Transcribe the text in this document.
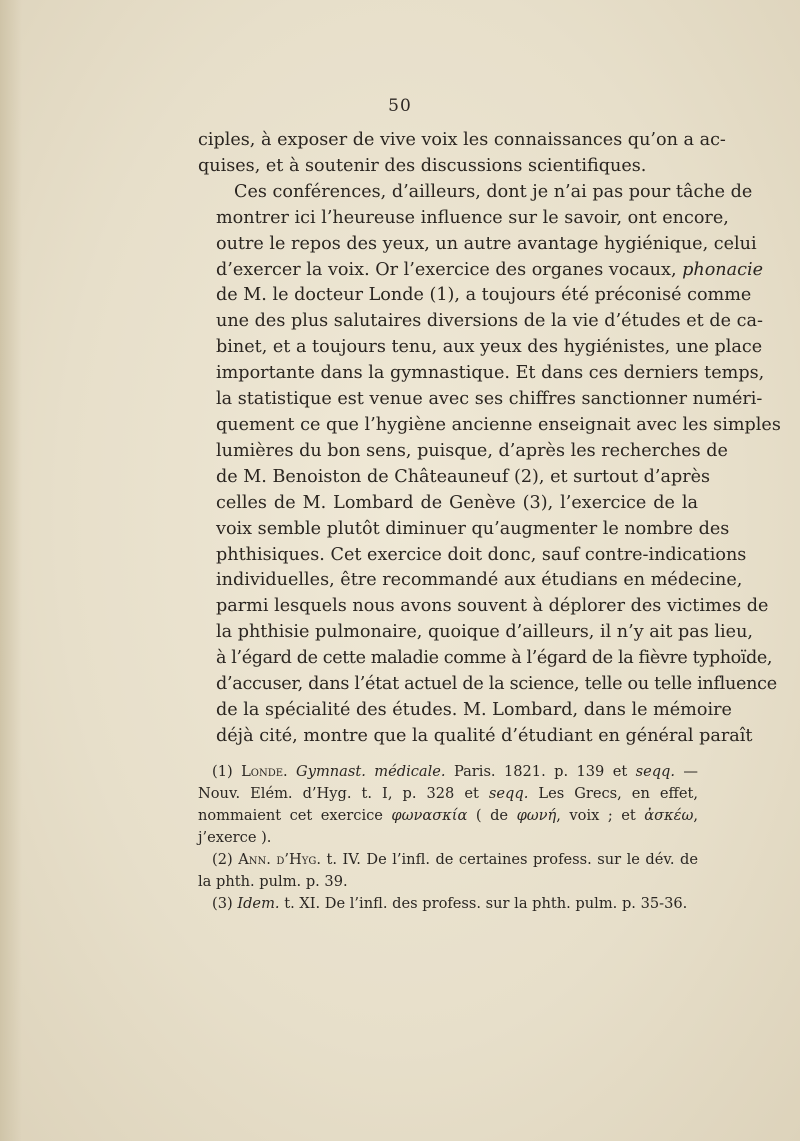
50

ciples, à exposer de vive voix les connaissances qu’on a ac-
quises, et à soutenir des discussions scientifiques.

Ces conférences, d’ailleurs, dont je n’ai pas pour tâche de
montrer ici l’heureuse influence sur le savoir, ont encore,
outre le repos des yeux, un autre avantage hygiénique, celui
d’exercer la voix. Or l’exercice des organes vocaux, phonacie
de M. le docteur Londe (1), a toujours été préconisé comme
une des plus salutaires diversions de la vie d’études et de ca-
binet, et a toujours tenu, aux yeux des hygiénistes, une place
importante dans la gymnastique. Et dans ces derniers temps,
la statistique est venue avec ses chiffres sanctionner numéri-
quement ce que l’hygiène ancienne enseignait avec les simples
lumières du bon sens, puisque, d’après les recherches de
de M. Benoiston de Châteauneuf (2), et surtout d’après
celles de M. Lombard de Genève (3), l’exercice de la
voix semble plutôt diminuer qu’augmenter le nombre des
phthisiques. Cet exercice doit donc, sauf contre-indications
individuelles, être recommandé aux étudians en médecine,
parmi lesquels nous avons souvent à déplorer des victimes de
la phthisie pulmonaire, quoique d’ailleurs, il n’y ait pas lieu,
à l’égard de cette maladie comme à l’égard de la fièvre typhoïde,
d’accuser, dans l’état actuel de la science, telle ou telle influence
de la spécialité des études. M. Lombard, dans le mémoire
déjà cité, montre que la qualité d’étudiant en général paraît

(1) Londe. Gymnast. médicale. Paris. 1821. p. 139 et seqq. — Nouv. Elém. d’Hyg. t. I, p. 328 et seqq. Les Grecs, en effet, nommaient cet exercice φωνασκία ( de φωνή, voix ; et ἀσκέω, j’exerce ).

(2) Ann. d’Hyg. t. IV. De l’infl. de certaines profess. sur le dév. de la phth. pulm. p. 39.

(3) Idem. t. XI. De l’infl. des profess. sur la phth. pulm. p. 35-36.
